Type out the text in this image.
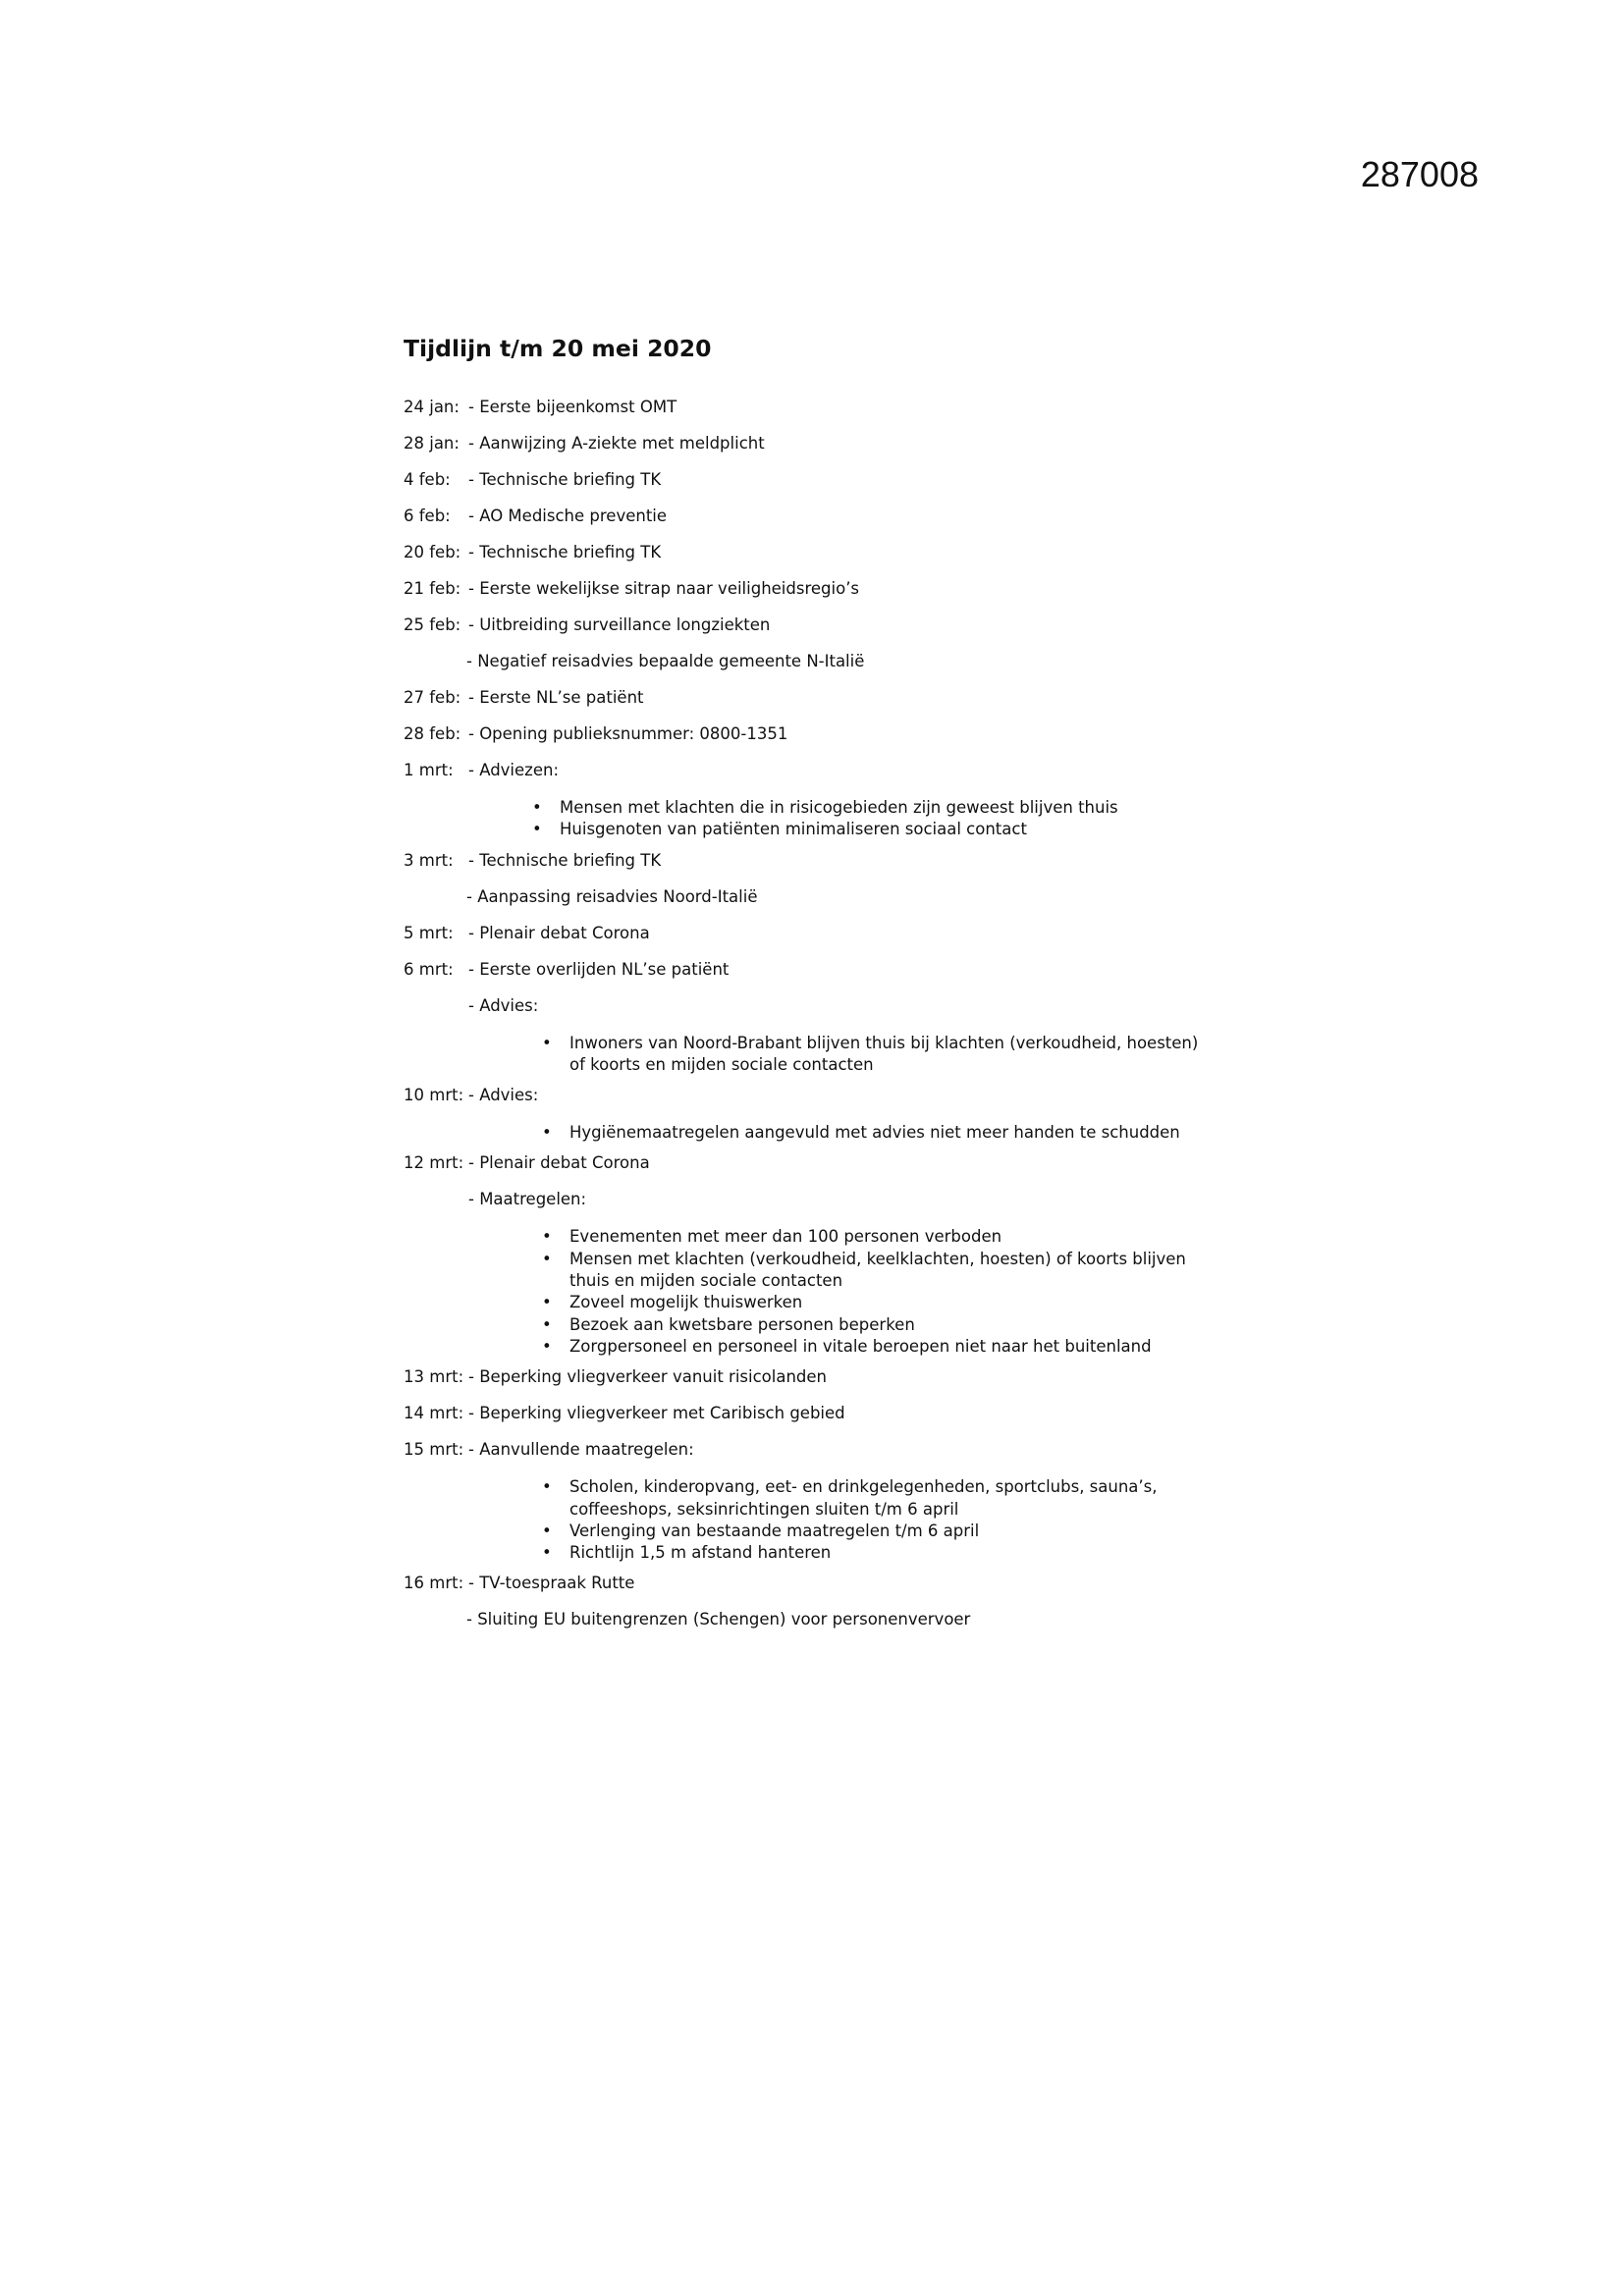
287008
Tijdlijn t/m 20 mei 2020
24 jan: - Eerste bijeenkomst OMT
28 jan: - Aanwijzing A-ziekte met meldplicht
4 feb: - Technische briefing TK
6 feb: - AO Medische preventie
20 feb: - Technische briefing TK
21 feb: - Eerste wekelijkse sitrap naar veiligheidsregio’s
25 feb: - Uitbreiding surveillance longziekten
- Negatief reisadvies bepaalde gemeente N-Italië
27 feb: - Eerste NL’se patiënt
28 feb: - Opening publieksnummer: 0800-1351
1 mrt: - Adviezen:
• Mensen met klachten die in risicogebieden zijn geweest blijven thuis
• Huisgenoten van patiënten minimaliseren sociaal contact
3 mrt: - Technische briefing TK
- Aanpassing reisadvies Noord-Italië
5 mrt: - Plenair debat Corona
6 mrt: - Eerste overlijden NL’se patiënt
- Advies:
• Inwoners van Noord-Brabant blijven thuis bij klachten (verkoudheid, hoesten)
of koorts en mijden sociale contacten
10 mrt: - Advies:
• Hygiënemaatregelen aangevuld met advies niet meer handen te schudden
12 mrt: - Plenair debat Corona
- Maatregelen:
• Evenementen met meer dan 100 personen verboden
• Mensen met klachten (verkoudheid, keelklachten, hoesten) of koorts blijven
thuis en mijden sociale contacten
• Zoveel mogelijk thuiswerken
• Bezoek aan kwetsbare personen beperken
• Zorgpersoneel en personeel in vitale beroepen niet naar het buitenland
13 mrt: - Beperking vliegverkeer vanuit risicolanden
14 mrt: - Beperking vliegverkeer met Caribisch gebied
15 mrt: - Aanvullende maatregelen:
• Scholen, kinderopvang, eet- en drinkgelegenheden, sportclubs, sauna’s,
coffeeshops, seksinrichtingen sluiten t/m 6 april
• Verlenging van bestaande maatregelen t/m 6 april
• Richtlijn 1,5 m afstand hanteren
16 mrt: - TV-toespraak Rutte
- Sluiting EU buitengrenzen (Schengen) voor personenvervoer
